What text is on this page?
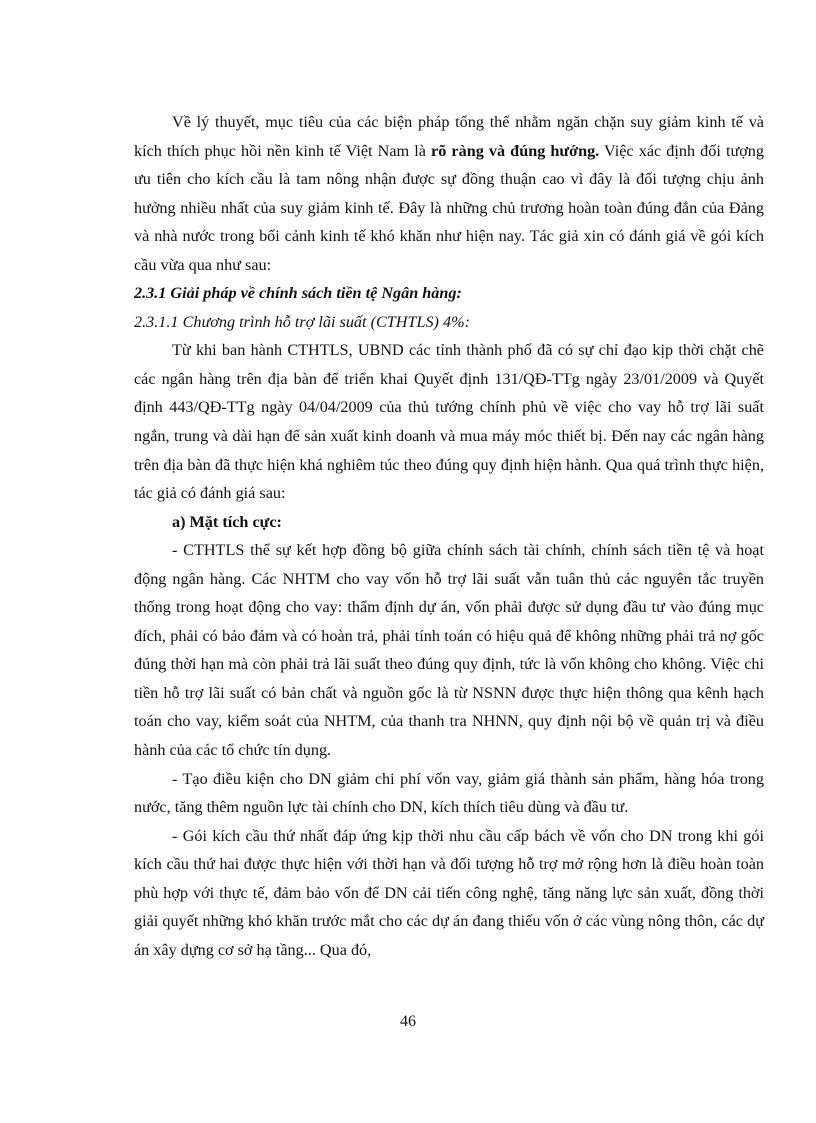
Về lý thuyết, mục tiêu của các biện pháp tổng thể nhằm ngăn chặn suy giảm kinh tế và kích thích phục hồi nền kinh tế Việt Nam là rõ ràng và đúng hướng. Việc xác định đối tượng ưu tiên cho kích cầu là tam nông nhận được sự đồng thuận cao vì đây là đối tượng chịu ảnh hưởng nhiều nhất của suy giảm kinh tế. Đây là những chủ trương hoàn toàn đúng đắn của Đảng và nhà nước trong bối cảnh kinh tế khó khăn như hiện nay. Tác giả xin có đánh giá về gói kích cầu vừa qua như sau:

2.3.1 Giải pháp về chính sách tiền tệ Ngân hàng:
2.3.1.1 Chương trình hỗ trợ lãi suất (CTHTLS) 4%:

Từ khi ban hành CTHTLS, UBND các tỉnh thành phố đã có sự chỉ đạo kịp thời chặt chẽ các ngân hàng trên địa bàn để triển khai Quyết định 131/QĐ-TTg ngày 23/01/2009 và Quyết định 443/QĐ-TTg ngày 04/04/2009 của thủ tướng chính phủ về việc cho vay hỗ trợ lãi suất ngắn, trung và dài hạn để sản xuất kinh doanh và mua máy móc thiết bị. Đến nay các ngân hàng trên địa bàn đã thực hiện khá nghiêm túc theo đúng quy định hiện hành. Qua quá trình thực hiện, tác giả có đánh giá sau:

a) Mặt tích cực:

- CTHTLS thể sự kết hợp đồng bộ giữa chính sách tài chính, chính sách tiền tệ và hoạt động ngân hàng. Các NHTM cho vay vốn hỗ trợ lãi suất vẫn tuân thủ các nguyên tắc truyền thống trong hoạt động cho vay: thẩm định dự án, vốn phải được sử dụng đầu tư vào đúng mục đích, phải có bảo đảm và có hoàn trả, phải tính toán có hiệu quả để không những phải trả nợ gốc đúng thời hạn mà còn phải trả lãi suất theo đúng quy định, tức là vốn không cho không. Việc chi tiền hỗ trợ lãi suất có bản chất và nguồn gốc là từ NSNN được thực hiện thông qua kênh hạch toán cho vay, kiểm soát của NHTM, của thanh tra NHNN, quy định nội bộ về quản trị và điều hành của các tổ chức tín dụng.

- Tạo điều kiện cho DN giảm chi phí vốn vay, giảm giá thành sản phẩm, hàng hóa trong nước, tăng thêm nguồn lực tài chính cho DN, kích thích tiêu dùng và đầu tư.

- Gói kích cầu thứ nhất đáp ứng kịp thời nhu cầu cấp bách về vốn cho DN trong khi gói kích cầu thứ hai được thực hiện với thời hạn và đối tượng hỗ trợ mở rộng hơn là điều hoàn toàn phù hợp với thực tế, đảm bảo vốn để DN cải tiến công nghệ, tăng năng lực sản xuất, đồng thời giải quyết những khó khăn trước mắt cho các dự án đang thiếu vốn ở các vùng nông thôn, các dự án xây dựng cơ sở hạ tầng... Qua đó,

46
